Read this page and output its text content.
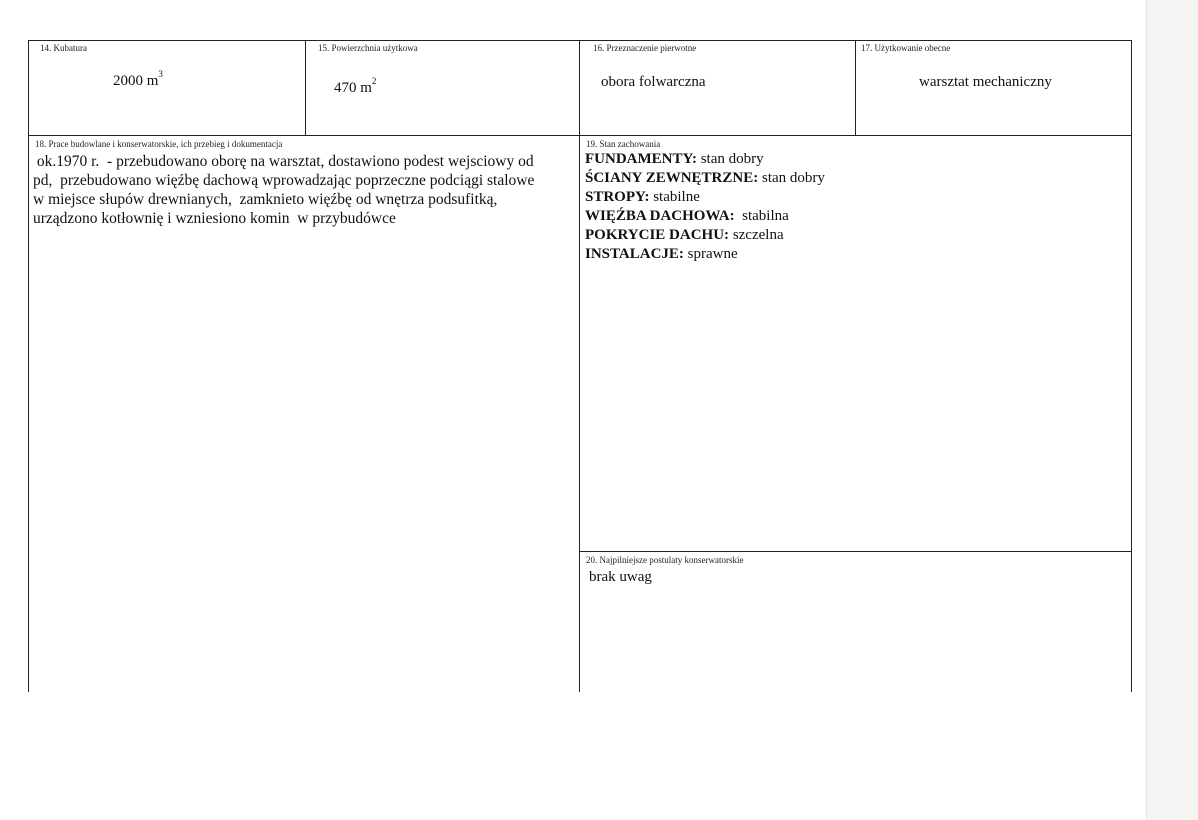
14. Kubatura
2000 $m^3$
15. Powierzchnia użytkowa
470 $m^2$
16. Przeznaczenie pierwotne
obora folwarczna
17. Użytkowanie obecne
warsztat mechaniczny
18. Prace budowlane i konserwatorskie, ich przebieg i dokumentacja
ok.1970 r.  - przebudowano oborę na warsztat, dostawiono podest wejsciowy od
pd,  przebudowano więźbę dachową wprowadzając poprzeczne podciągi stalowe
w miejsce słupów drewnianych,  zamknieto więźbę od wnętrza podsufitką,
urządzono kotłownię i wzniesiono komin  w przybudówce
19. Stan zachowania
FUNDAMENTY: stan dobry
ŚCIANY ZEWNĘTRZNE: stan dobry
STROPY: stabilne
WIĘŹBA DACHOWA:  stabilna
POKRYCIE DACHU: szczelna
INSTALACJE: sprawne
20. Najpilniejsze postulaty konserwatorskie
brak uwag
